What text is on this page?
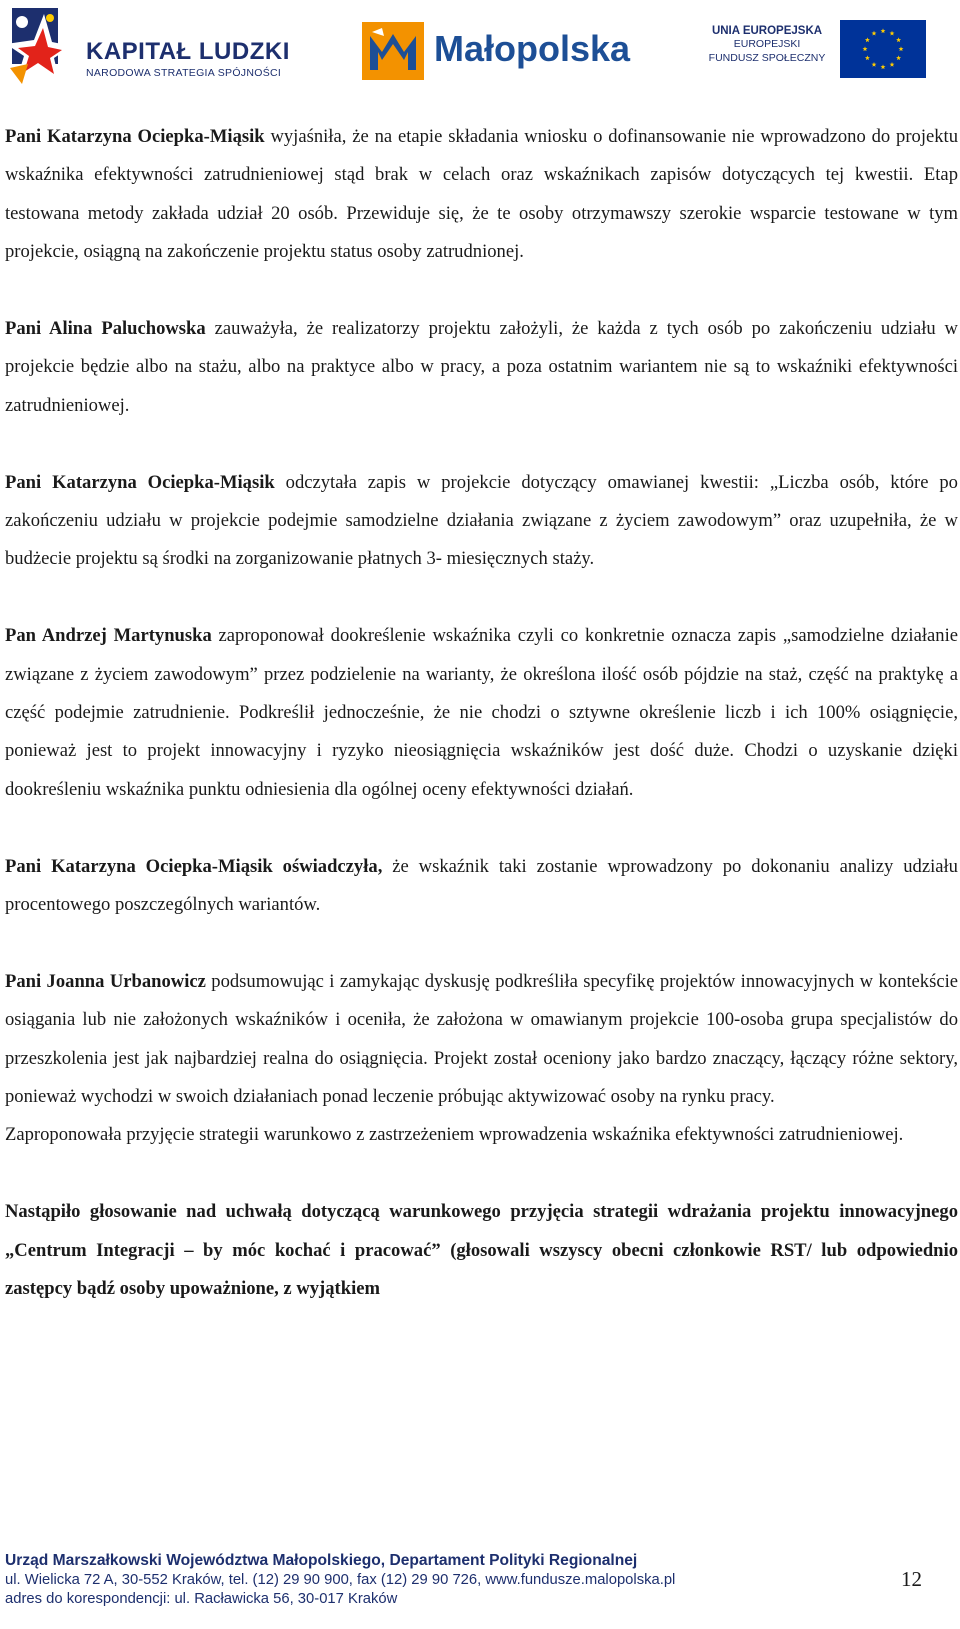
KAPITAŁ LUDZKI
NARODOWA STRATEGIA SPÓJNOŚCI
Małopolska	UNIA EUROPEJSKA
EUROPEJSKI
FUNDUSZ SPOŁECZNY

Pani Katarzyna Ociepka-Miąsik wyjaśniła, że na etapie składania wniosku o dofinansowanie nie wprowadzono do projektu wskaźnika efektywności zatrudnieniowej stąd brak w celach oraz wskaźnikach zapisów dotyczących tej kwestii. Etap testowana metody zakłada udział 20 osób. Przewiduje się, że te osoby otrzymawszy szerokie wsparcie testowane w tym projekcie, osiągną na zakończenie projektu status osoby zatrudnionej.

Pani Alina Paluchowska zauważyła, że realizatorzy projektu założyli, że każda z tych osób po zakończeniu udziału w projekcie będzie albo na stażu, albo na praktyce albo w pracy, a poza ostatnim wariantem nie są to wskaźniki efektywności zatrudnieniowej.

Pani Katarzyna Ociepka-Miąsik odczytała zapis w projekcie dotyczący omawianej kwestii: „Liczba osób, które po zakończeniu udziału w projekcie podejmie samodzielne działania związane z życiem zawodowym” oraz uzupełniła, że w budżecie projektu są środki na zorganizowanie płatnych 3- miesięcznych staży.

Pan Andrzej Martynuska zaproponował dookreślenie wskaźnika czyli co konkretnie oznacza zapis „samodzielne działanie związane z życiem zawodowym” przez podzielenie na warianty, że określona ilość osób pójdzie na staż, część na praktykę a część podejmie zatrudnienie. Podkreślił jednocześnie, że nie chodzi o sztywne określenie liczb i ich 100% osiągnięcie, ponieważ jest to projekt innowacyjny i ryzyko nieosiągnięcia wskaźników jest dość duże. Chodzi o uzyskanie dzięki dookreśleniu wskaźnika punktu odniesienia dla ogólnej oceny efektywności działań.

Pani Katarzyna Ociepka-Miąsik oświadczyła, że wskaźnik taki zostanie wprowadzony po dokonaniu analizy udziału procentowego poszczególnych wariantów.

Pani Joanna Urbanowicz podsumowując i zamykając dyskusję podkreśliła specyfikę projektów innowacyjnych w kontekście osiągania lub nie założonych wskaźników i oceniła, że założona w omawianym projekcie 100-osoba grupa specjalistów do przeszkolenia jest jak najbardziej realna do osiągnięcia. Projekt został oceniony jako bardzo znaczący, łączący różne sektory, ponieważ wychodzi w swoich działaniach ponad leczenie próbując aktywizować osoby na rynku pracy.

Zaproponowała przyjęcie strategii warunkowo z zastrzeżeniem wprowadzenia wskaźnika efektywności zatrudnieniowej.

Nastąpiło głosowanie nad uchwałą dotyczącą warunkowego przyjęcia strategii wdrażania projektu innowacyjnego „Centrum Integracji – by móc kochać i pracować” (głosowali wszyscy obecni członkowie RST/ lub odpowiednio zastępcy bądź osoby upoważnione, z wyjątkiem

Urząd Marszałkowski Województwa Małopolskiego, Departament Polityki Regionalnej
ul. Wielicka 72 A, 30-552 Kraków, tel. (12) 29 90 900, fax (12) 29 90 726, www.fundusze.malopolska.pl
adres do korespondencji: ul. Racławicka 56, 30-017 Kraków
12
